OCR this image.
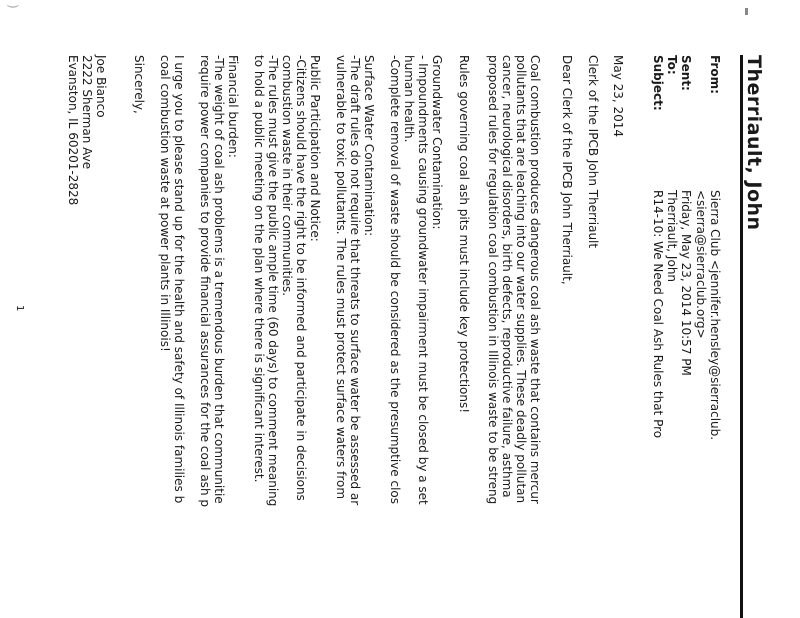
)
Therriault, John
From:
Sierra Club <jennifer.hensley@sierraclub.
<sierra@sierraclub.org>
Sent:
Friday, May 23, 2014 10:57 PM
To:
Therriault, John
Subject:
R14-10: We Need Coal Ash Rules that Pro
May 23, 2014
Clerk of the IPCB John Therriault
Dear Clerk of the IPCB John Therriault,
Coal combustion produces dangerous coal ash waste that contains mercur
pollutants that are leaching into our water supplies. These deadly pollutan
cancer, neurological disorders, birth defects, reproductive failure, asthma
proposed rules for regulation coal combustion in Illinois waste to be streng
Rules governing coal ash pits must include key protections!
Groundwater Contamination:
- Impoundments causing groundwater impairment must be closed by a set
human health.
-Complete removal of waste should be considered as the presumptive clos
Surface Water Contamination:
-The draft rules do not require that threats to surface water be assessed ar
vulnerable to toxic pollutants. The rules must protect surface waters from
Public Participation and Notice:
-Citizens should have the right to be informed and participate in decisions
combustion waste in their communities.
-The rules must give the public ample time (60 days) to comment meaning
to hold a public meeting on the plan where there is significant interest.
Financial burden:
-The weight of coal ash problems is a tremendous burden that communitie
require power companies to provide financial assurances for the coal ash p
I urge you to please stand up for the health and safety of Illinois families b
coal combustion waste at power plants in Illinois!
Sincerely,
Joe Bianco
2222 Sherman Ave
Evanston, IL 60201-2828
1
